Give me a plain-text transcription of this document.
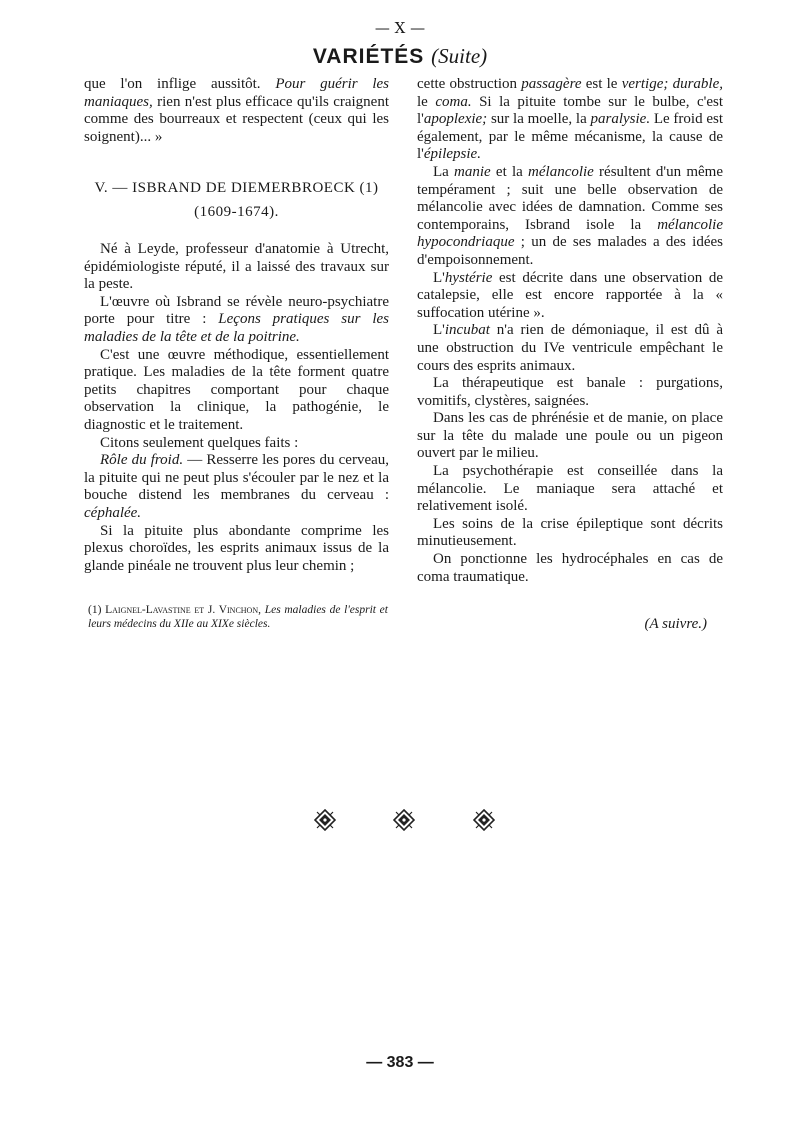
— X —
VARIÉTÉS (Suite)

que l'on inflige aussitôt. Pour guérir les maniaques, rien n'est plus efficace qu'ils craignent comme des bourreaux et respectent (ceux qui les soignent)... »

V. — ISBRAND DE DIEMERBROECK (1)
(1609-1674).

Né à Leyde, professeur d'anatomie à Utrecht, épidémiologiste réputé, il a laissé des travaux sur la peste.

L'œuvre où Isbrand se révèle neuro-psychiatre porte pour titre : Leçons pratiques sur les maladies de la tête et de la poitrine.

C'est une œuvre méthodique, essentiellement pratique. Les maladies de la tête forment quatre petits chapitres comportant pour chaque observation la clinique, la pathogénie, le diagnostic et le traitement.

Citons seulement quelques faits :

Rôle du froid. — Resserre les pores du cerveau, la pituite qui ne peut plus s'écouler par le nez et la bouche distend les membranes du cerveau : céphalée.

Si la pituite plus abondante comprime les plexus choroïdes, les esprits animaux issus de la glande pinéale ne trouvent plus leur chemin ;

(1) Laignel-Lavastine et J. Vinchon, Les maladies de l'esprit et leurs médecins du XIIe au XIXe siècles.

cette obstruction passagère est le vertige; durable, le coma. Si la pituite tombe sur le bulbe, c'est l'apoplexie; sur la moelle, la paralysie. Le froid est également, par le même mécanisme, la cause de l'épilepsie.

La manie et la mélancolie résultent d'un même tempérament ; suit une belle observation de mélancolie avec idées de damnation. Comme ses contemporains, Isbrand isole la mélancolie hypocondriaque ; un de ses malades a des idées d'empoisonnement.

L'hystérie est décrite dans une observation de catalepsie, elle est encore rapportée à la « suffocation utérine ».

L'incubat n'a rien de démoniaque, il est dû à une obstruction du IVe ventricule empêchant le cours des esprits animaux.

La thérapeutique est banale : purgations, vomitifs, clystères, saignées.

Dans les cas de phrénésie et de manie, on place sur la tête du malade une poule ou un pigeon ouvert par le milieu.

La psychothérapie est conseillée dans la mélancolie. Le maniaque sera attaché et relativement isolé.

Les soins de la crise épileptique sont décrits minutieusement.

On ponctionne les hydrocéphales en cas de coma traumatique.

(A suivre.)
— 383 —
